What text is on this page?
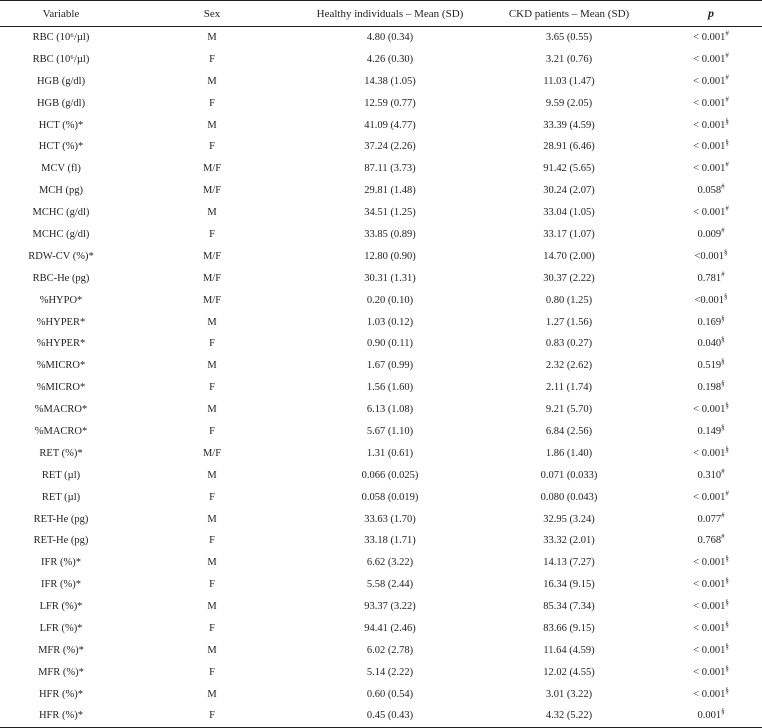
Variable	Sex	Healthy individuals – Mean (SD)	CKD patients – Mean (SD)	p
RBC (10⁶/µl)	M	4.80 (0.34)	3.65 (0.55)	< 0.001#
RBC (10⁶/µl)	F	4.26 (0.30)	3.21 (0.76)	< 0.001#
HGB (g/dl)	M	14.38 (1.05)	11.03 (1.47)	< 0.001#
HGB (g/dl)	F	12.59 (0.77)	9.59 (2.05)	< 0.001#
HCT (%)*	M	41.09 (4.77)	33.39 (4.59)	< 0.001§
HCT (%)*	F	37.24 (2.26)	28.91 (6.46)	< 0.001§
MCV (fl)	M/F	87.11 (3.73)	91.42 (5.65)	< 0.001#
MCH (pg)	M/F	29.81 (1.48)	30.24 (2.07)	0.058#
MCHC (g/dl)	M	34.51 (1.25)	33.04 (1.05)	< 0.001#
MCHC (g/dl)	F	33.85 (0.89)	33.17 (1.07)	0.009#
RDW-CV (%)*	M/F	12.80 (0.90)	14.70 (2.00)	<0.001§
RBC-He (pg)	M/F	30.31 (1.31)	30.37 (2.22)	0.781#
%HYPO*	M/F	0.20 (0.10)	0.80 (1.25)	<0.001§
%HYPER*	M	1.03 (0.12)	1.27 (1.56)	0.169§
%HYPER*	F	0.90 (0.11)	0.83 (0.27)	0.040§
%MICRO*	M	1.67 (0.99)	2.32 (2.62)	0.519§
%MICRO*	F	1.56 (1.60)	2.11 (1.74)	0.198§
%MACRO*	M	6.13 (1.08)	9.21 (5.70)	< 0.001§
%MACRO*	F	5.67 (1.10)	6.84 (2.56)	0.149§
RET (%)*	M/F	1.31 (0.61)	1.86 (1.40)	< 0.001§
RET (µl)	M	0.066 (0.025)	0.071 (0.033)	0.310#
RET (µl)	F	0.058 (0.019)	0.080 (0.043)	< 0.001#
RET-He (pg)	M	33.63 (1.70)	32.95 (3.24)	0.077#
RET-He (pg)	F	33.18 (1.71)	33.32 (2.01)	0.768#
IFR (%)*	M	6.62 (3.22)	14.13 (7.27)	< 0.001§
IFR (%)*	F	5.58 (2.44)	16.34 (9.15)	< 0.001§
LFR (%)*	M	93.37 (3.22)	85.34 (7.34)	< 0.001§
LFR (%)*	F	94.41 (2.46)	83.66 (9.15)	< 0.001§
MFR (%)*	M	6.02 (2.78)	11.64 (4.59)	< 0.001§
MFR (%)*	F	5.14 (2.22)	12.02 (4.55)	< 0.001§
HFR (%)*	M	0.60 (0.54)	3.01 (3.22)	< 0.001§
HFR (%)*	F	0.45 (0.43)	4.32 (5.22)	0.001§
